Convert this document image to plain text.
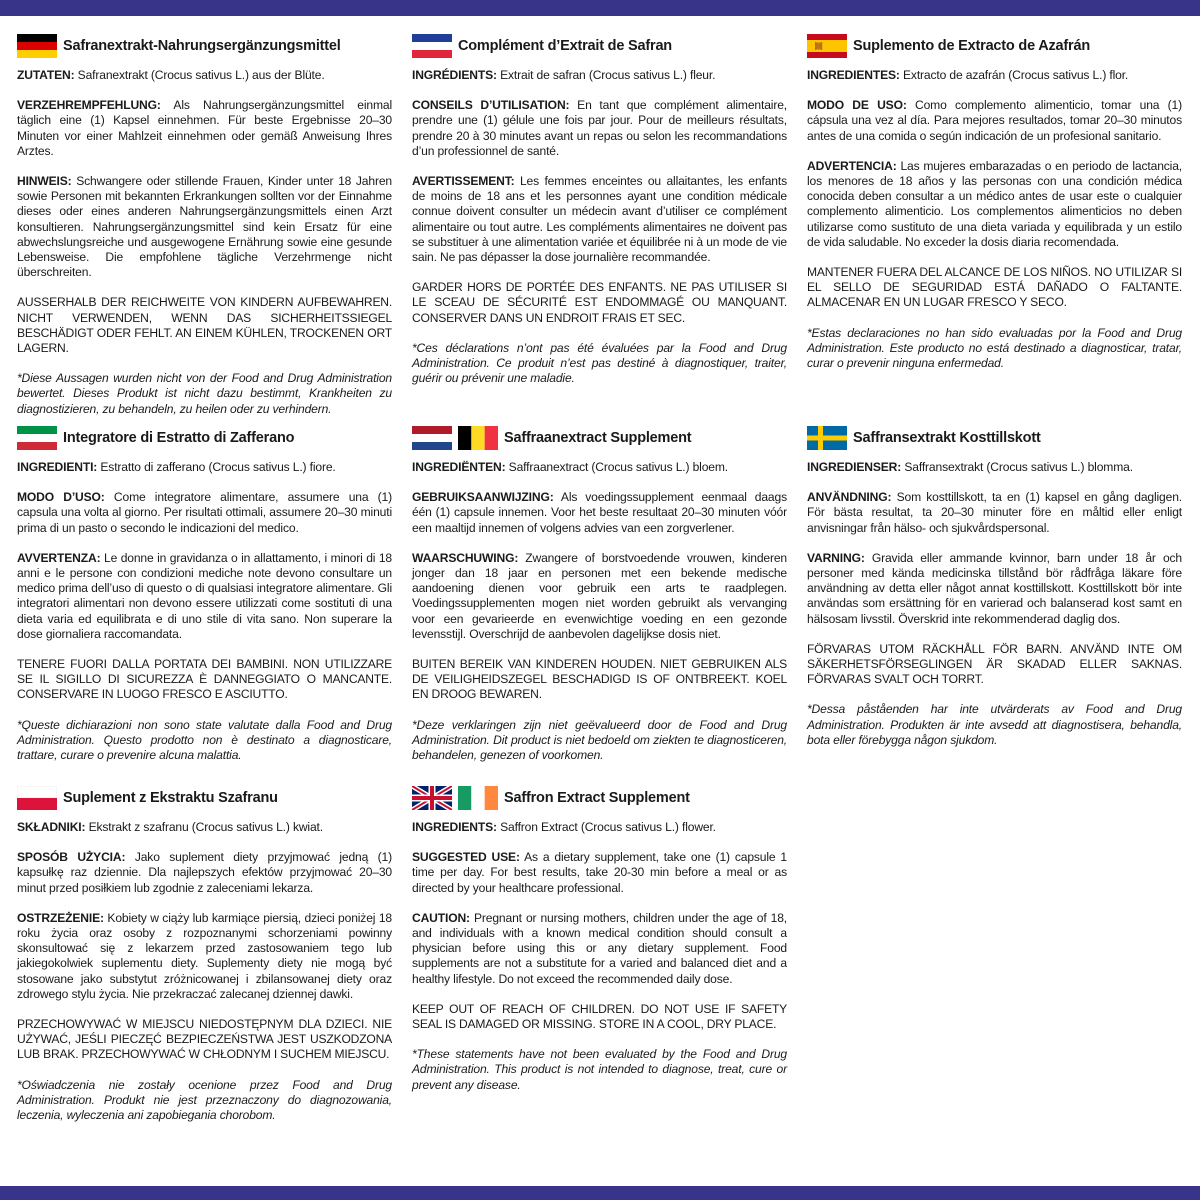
Safranextrakt-Nahrungsergänzungsmittel

ZUTATEN: Safranextrakt (Crocus sativus L.) aus der Blüte.

VERZEHREMPFEHLUNG: Als Nahrungsergänzungsmittel einmal täglich eine (1) Kapsel einnehmen. Für beste Ergebnisse 20–30 Minuten vor einer Mahlzeit einnehmen oder gemäß Anweisung Ihres Arztes.

HINWEIS: Schwangere oder stillende Frauen, Kinder unter 18 Jahren sowie Personen mit bekannten Erkrankungen sollten vor der Einnahme dieses oder eines anderen Nahrungsergänzungsmittels einen Arzt konsultieren. Nahrungsergänzungsmittel sind kein Ersatz für eine abwechslungsreiche und ausgewogene Ernährung sowie eine gesunde Lebensweise. Die empfohlene tägliche Verzehrmenge nicht überschreiten.

AUSSERHALB DER REICHWEITE VON KINDERN AUFBEWAHREN. NICHT VERWENDEN, WENN DAS SICHERHEITSSIEGEL BESCHÄDIGT ODER FEHLT. AN EINEM KÜHLEN, TROCKENEN ORT LAGERN.

*Diese Aussagen wurden nicht von der Food and Drug Administration bewertet. Dieses Produkt ist nicht dazu bestimmt, Krankheiten zu diagnostizieren, zu behandeln, zu heilen oder zu verhindern.

Integratore di Estratto di Zafferano

INGREDIENTI: Estratto di zafferano (Crocus sativus L.) fiore.

MODO D’USO: Come integratore alimentare, assumere una (1) capsula una volta al giorno. Per risultati ottimali, assumere 20–30 minuti prima di un pasto o secondo le indicazioni del medico.

AVVERTENZA: Le donne in gravidanza o in allattamento, i minori di 18 anni e le persone con condizioni mediche note devono consultare un medico prima dell’uso di questo o di qualsiasi integratore alimentare. Gli integratori alimentari non devono essere utilizzati come sostituti di una dieta varia ed equilibrata e di uno stile di vita sano. Non superare la dose giornaliera raccomandata.

TENERE FUORI DALLA PORTATA DEI BAMBINI. NON UTILIZZARE SE IL SIGILLO DI SICUREZZA È DANNEGGIATO O MANCANTE. CONSERVARE IN LUOGO FRESCO E ASCIUTTO.

*Queste dichiarazioni non sono state valutate dalla Food and Drug Administration. Questo prodotto non è destinato a diagnosticare, trattare, curare o prevenire alcuna malattia.

Suplement z Ekstraktu Szafranu

SKŁADNIKI: Ekstrakt z szafranu (Crocus sativus L.) kwiat.

SPOSÓB UŻYCIA: Jako suplement diety przyjmować jedną (1) kapsułkę raz dziennie. Dla najlepszych efektów przyjmować 20–30 minut przed posiłkiem lub zgodnie z zaleceniami lekarza.

OSTRZEŻENIE: Kobiety w ciąży lub karmiące piersią, dzieci poniżej 18 roku życia oraz osoby z rozpoznanymi schorzeniami powinny skonsultować się z lekarzem przed zastosowaniem tego lub jakiegokolwiek suplementu diety. Suplementy diety nie mogą być stosowane jako substytut zróżnicowanej i zbilansowanej diety oraz zdrowego stylu życia. Nie przekraczać zalecanej dziennej dawki.

PRZECHOWYWAĆ W MIEJSCU NIEDOSTĘPNYM DLA DZIECI. NIE UŻYWAĆ, JEŚLI PIECZĘĆ BEZPIECZEŃSTWA JEST USZKODZONA LUB BRAK. PRZECHOWYWAĆ W CHŁODNYM I SUCHEM MIEJSCU.

*Oświadczenia nie zostały ocenione przez Food and Drug Administration. Produkt nie jest przeznaczony do diagnozowania, leczenia, wyleczenia ani zapobiegania chorobom.

Complément d’Extrait de Safran

INGRÉDIENTS: Extrait de safran (Crocus sativus L.) fleur.

CONSEILS D’UTILISATION: En tant que complément alimentaire, prendre une (1) gélule une fois par jour. Pour de meilleurs résultats, prendre 20 à 30 minutes avant un repas ou selon les recommandations d’un professionnel de santé.

AVERTISSEMENT: Les femmes enceintes ou allaitantes, les enfants de moins de 18 ans et les personnes ayant une condition médicale connue doivent consulter un médecin avant d’utiliser ce complément alimentaire ou tout autre. Les compléments alimentaires ne doivent pas se substituer à une alimentation variée et équilibrée ni à un mode de vie sain. Ne pas dépasser la dose journalière recommandée.

GARDER HORS DE PORTÉE DES ENFANTS. NE PAS UTILISER SI LE SCEAU DE SÉCURITÉ EST ENDOMMAGÉ OU MANQUANT. CONSERVER DANS UN ENDROIT FRAIS ET SEC.

*Ces déclarations n’ont pas été évaluées par la Food and Drug Administration. Ce produit n’est pas destiné à diagnostiquer, traiter, guérir ou prévenir une maladie.

Saffraanextract Supplement

INGREDIËNTEN: Saffraanextract (Crocus sativus L.) bloem.

GEBRUIKSAANWIJZING: Als voedingssupplement eenmaal daags één (1) capsule innemen. Voor het beste resultaat 20–30 minuten vóór een maaltijd innemen of volgens advies van een zorgverlener.

WAARSCHUWING: Zwangere of borstvoedende vrouwen, kinderen jonger dan 18 jaar en personen met een bekende medische aandoening dienen voor gebruik een arts te raadplegen. Voedingssupplementen mogen niet worden gebruikt als vervanging voor een gevarieerde en evenwichtige voeding en een gezonde levensstijl. Overschrijd de aanbevolen dagelijkse dosis niet.

BUITEN BEREIK VAN KINDEREN HOUDEN. NIET GEBRUIKEN ALS DE VEILIGHEIDSZEGEL BESCHADIGD IS OF ONTBREEKT. KOEL EN DROOG BEWAREN.

*Deze verklaringen zijn niet geëvalueerd door de Food and Drug Administration. Dit product is niet bedoeld om ziekten te diagnosticeren, behandelen, genezen of voorkomen.

Saffron Extract Supplement

INGREDIENTS: Saffron Extract (Crocus sativus L.) flower.

SUGGESTED USE: As a dietary supplement, take one (1) capsule 1 time per day. For best results, take 20-30 min before a meal or as directed by your healthcare professional.

CAUTION: Pregnant or nursing mothers, children under the age of 18, and individuals with a known medical condition should consult a physician before using this or any dietary supplement. Food supplements are not a substitute for a varied and balanced diet and a healthy lifestyle. Do not exceed the recommended daily dose.

KEEP OUT OF REACH OF CHILDREN. DO NOT USE IF SAFETY SEAL IS DAMAGED OR MISSING. STORE IN A COOL, DRY PLACE.

*These statements have not been evaluated by the Food and Drug Administration. This product is not intended to diagnose, treat, cure or prevent any disease.

Suplemento de Extracto de Azafrán

INGREDIENTES: Extracto de azafrán (Crocus sativus L.) flor.

MODO DE USO: Como complemento alimenticio, tomar una (1) cápsula una vez al día. Para mejores resultados, tomar 20–30 minutos antes de una comida o según indicación de un profesional sanitario.

ADVERTENCIA: Las mujeres embarazadas o en periodo de lactancia, los menores de 18 años y las personas con una condición médica conocida deben consultar a un médico antes de usar este o cualquier complemento alimenticio. Los complementos alimenticios no deben utilizarse como sustituto de una dieta variada y equilibrada y un estilo de vida saludable. No exceder la dosis diaria recomendada.

MANTENER FUERA DEL ALCANCE DE LOS NIÑOS. NO UTILIZAR SI EL SELLO DE SEGURIDAD ESTÁ DAÑADO O FALTANTE. ALMACENAR EN UN LUGAR FRESCO Y SECO.

*Estas declaraciones no han sido evaluadas por la Food and Drug Administration. Este producto no está destinado a diagnosticar, tratar, curar o prevenir ninguna enfermedad.

Saffransextrakt Kosttillskott

INGREDIENSER: Saffransextrakt (Crocus sativus L.) blomma.

ANVÄNDNING: Som kosttillskott, ta en (1) kapsel en gång dagligen. För bästa resultat, ta 20–30 minuter före en måltid eller enligt anvisningar från hälso- och sjukvårdspersonal.

VARNING: Gravida eller ammande kvinnor, barn under 18 år och personer med kända medicinska tillstånd bör rådfråga läkare före användning av detta eller något annat kosttillskott. Kosttillskott bör inte användas som ersättning för en varierad och balanserad kost samt en hälsosam livsstil. Överskrid inte rekommenderad daglig dos.

FÖRVARAS UTOM RÄCKHÅLL FÖR BARN. ANVÄND INTE OM SÄKERHETSFÖRSEGLINGEN ÄR SKADAD ELLER SAKNAS. FÖRVARAS SVALT OCH TORRT.

*Dessa påståenden har inte utvärderats av Food and Drug Administration. Produkten är inte avsedd att diagnostisera, behandla, bota eller förebygga någon sjukdom.
